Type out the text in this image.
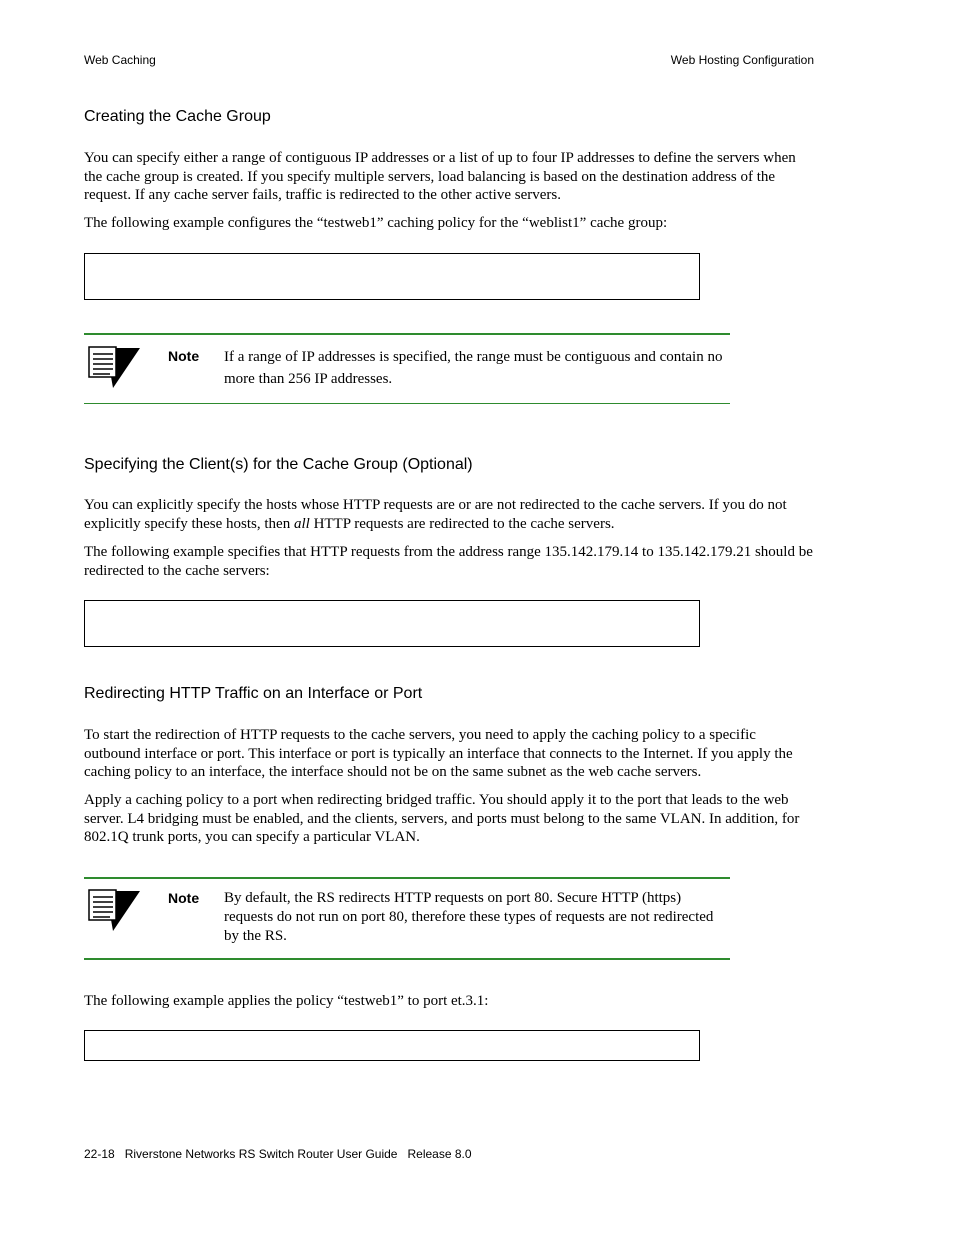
Web Caching	Web Hosting Configuration
Creating the Cache Group

You can specify either a range of contiguous IP addresses or a list of up to four IP addresses to define the servers when the cache group is created. If you specify multiple servers, load balancing is based on the destination address of the request. If any cache server fails, traffic is redirected to the other active servers.

The following example configures the “testweb1” caching policy for the “weblist1” cache group:

Note If a range of IP addresses is specified, the range must be contiguous and contain no more than 256 IP addresses.

Specifying the Client(s) for the Cache Group (Optional)

You can explicitly specify the hosts whose HTTP requests are or are not redirected to the cache servers. If you do not explicitly specify these hosts, then all HTTP requests are redirected to the cache servers.

The following example specifies that HTTP requests from the address range 135.142.179.14 to 135.142.179.21 should be redirected to the cache servers:

Redirecting HTTP Traffic on an Interface or Port

To start the redirection of HTTP requests to the cache servers, you need to apply the caching policy to a specific outbound interface or port. This interface or port is typically an interface that connects to the Internet. If you apply the caching policy to an interface, the interface should not be on the same subnet as the web cache servers.

Apply a caching policy to a port when redirecting bridged traffic. You should apply it to the port that leads to the web server. L4 bridging must be enabled, and the clients, servers, and ports must belong to the same VLAN. In addition, for 802.1Q trunk ports, you can specify a particular VLAN.

Note By default, the RS redirects HTTP requests on port 80. Secure HTTP (https) requests do not run on port 80, therefore these types of requests are not redirected by the RS.

The following example applies the policy “testweb1” to port et.3.1:

22-18 Riverstone Networks RS Switch Router User Guide Release 8.0
